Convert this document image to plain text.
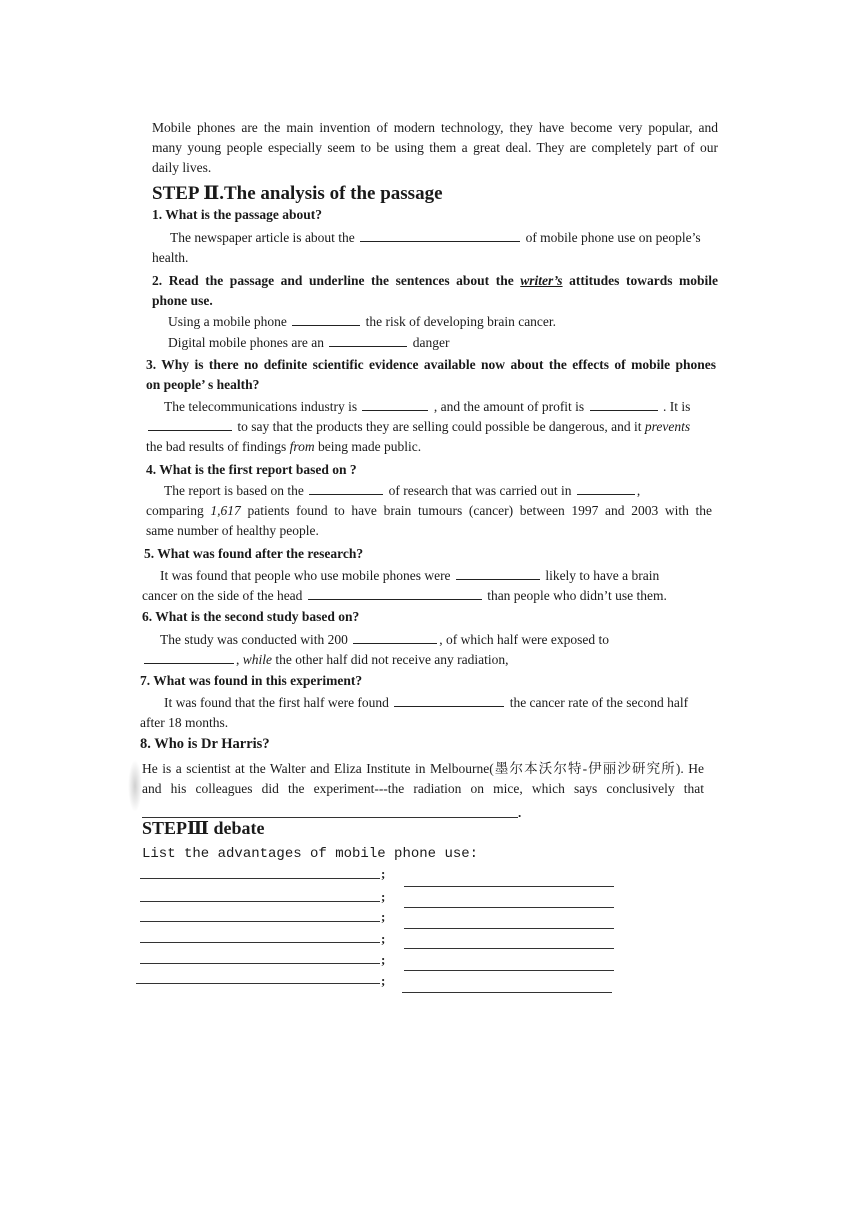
Mobile phones are the main invention of modern technology, they have become very popular, and
many young people especially seem to be using them a great deal. They are completely part of our
daily lives.
STEP Ⅱ.The analysis of the passage
1. What is the passage about?
The newspaper article is about the	of mobile phone use on people’s
health.
2. Read the passage and underline the sentences about the writer’s attitudes towards mobile
phone use.
Using a mobile phone	the risk of developing brain cancer.
Digital mobile phones are an	danger
3. Why is there no definite scientific evidence available now about the effects of mobile phones
on people’ s health?
The telecommunications industry is	, and the amount of profit is	. It is
to say that the products they are selling could possible be dangerous, and it prevents
the bad results of findings from being made public.
4. What is the first report based on ?
The report is based on the	of research that was carried out in	,
comparing 1,617 patients found to have brain tumours (cancer) between 1997 and 2003 with the
same number of healthy people.
5. What was found after the research?
It was found that people who use mobile phones were	likely to have a brain
cancer on the side of the head	than people who didn’t use them.
6. What is the second study based on?
The study was conducted with 200	, of which half were exposed to
, while the other half did not receive any radiation,
7. What was found in this experiment?
It was found that the first half were found	the cancer rate of the second half
after 18 months.
8. Who is Dr Harris?
He is a scientist at the Walter and Eliza Institute in Melbourne(墨尔本沃尔特-伊丽沙研究所). He
and his colleagues did the experiment---the radiation on mice, which says conclusively that
.
STEPⅢ debate
List the advantages of mobile phone use:
;
;
;
;
;
;
